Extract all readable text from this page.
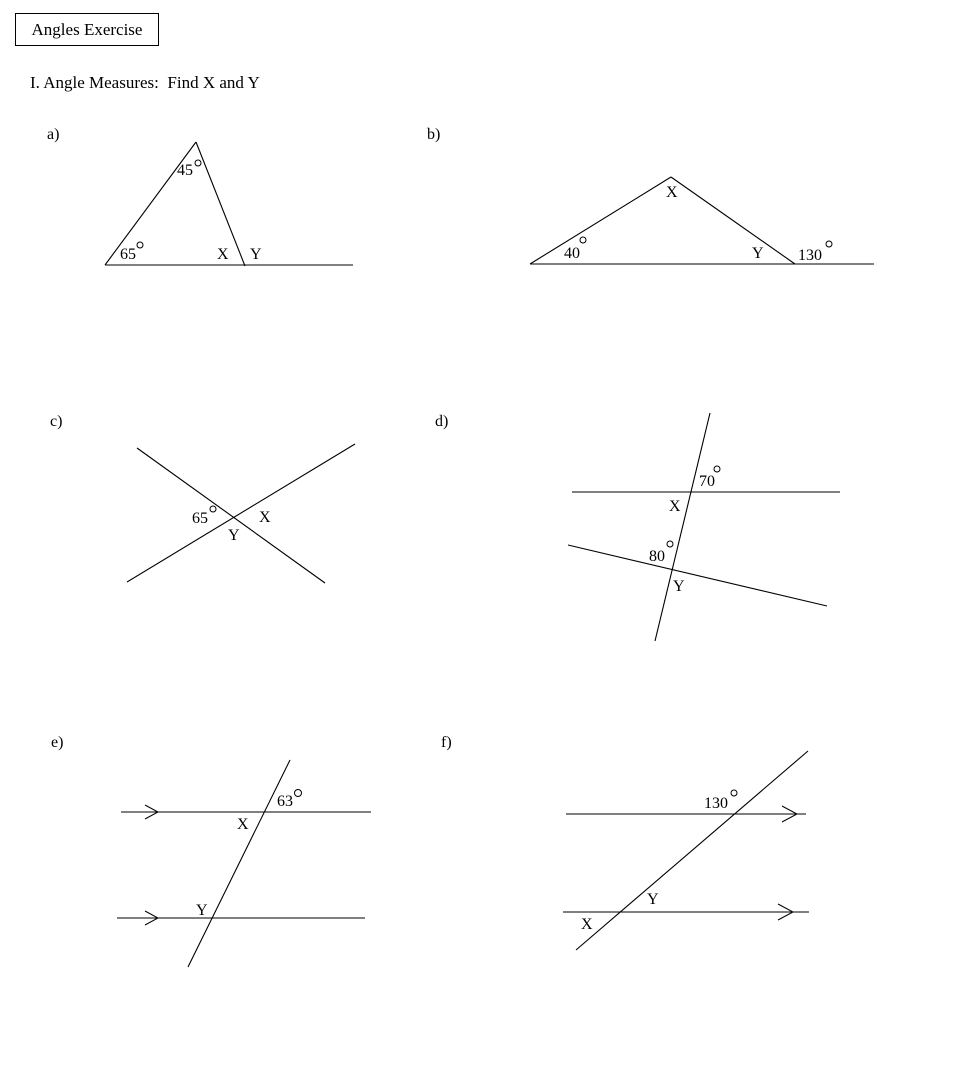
Angles Exercise
I. Angle Measures:  Find X and Y
a)
45
65	X Y
b)
X
40	Y 130
c)
65	X
Y
d)
70
X
80
Y
e)
63
X
Y
f)
130
Y
X
